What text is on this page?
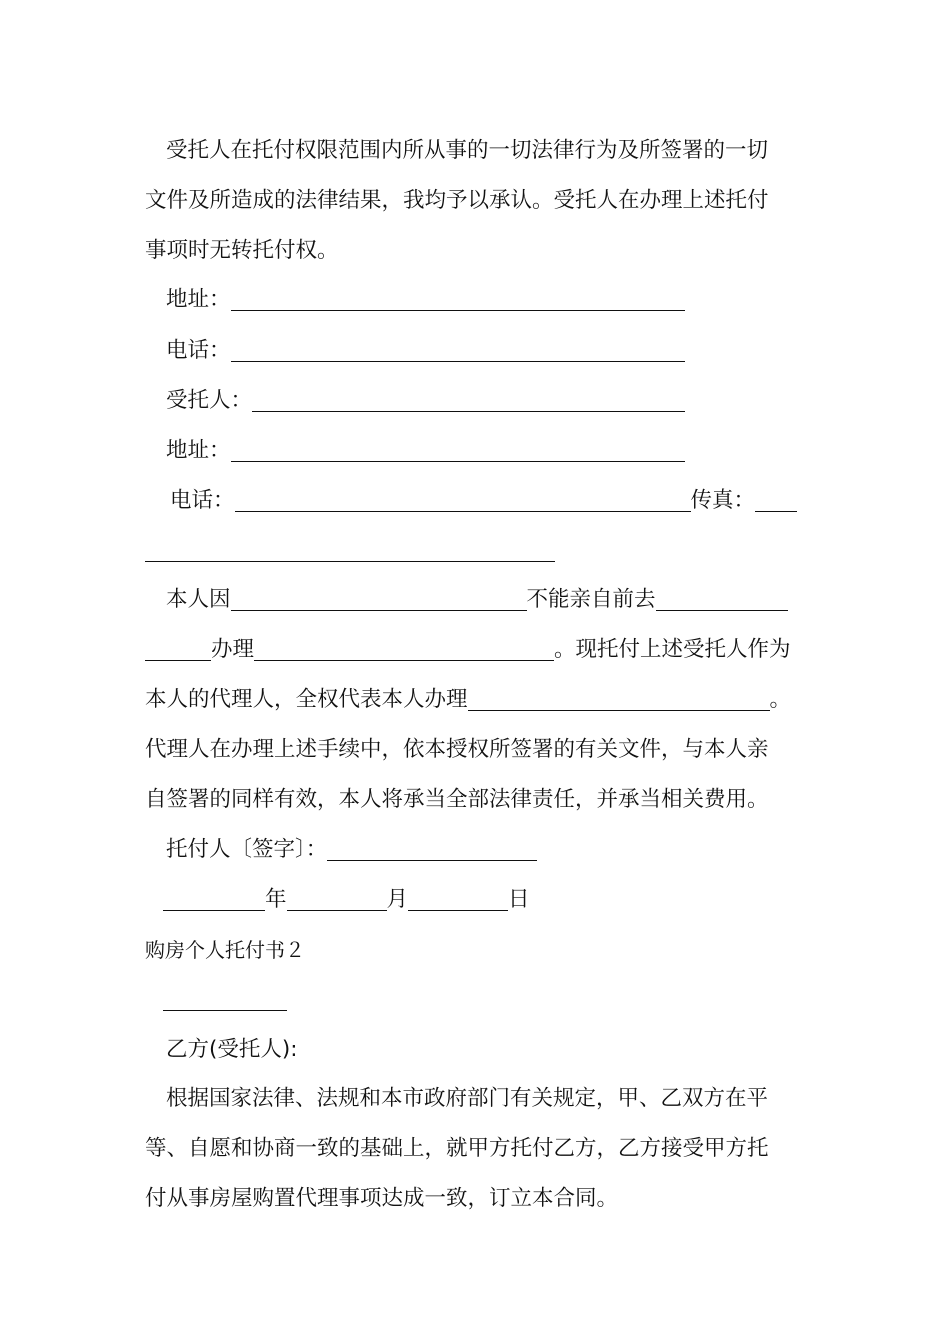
受托人在托付权限范围内所从事的一切法律行为及所签署的一切
文件及所造成的法律结果，我均予以承认。受托人在办理上述托付
事项时无转托付权。
地址：
电话：
受托人：
地址：
电话：	传真：
本人因	不能亲自前去
办理	。现托付上述受托人作为
本人的代理人，全权代表本人办理	。
代理人在办理上述手续中，依本授权所签署的有关文件，与本人亲
自签署的同样有效，本人将承当全部法律责任，并承当相关费用。
托付人〔签字〕：
年	月	日
购房个人托付书２
乙方(受托人):
根据国家法律、法规和本市政府部门有关规定，甲、乙双方在平
等、自愿和协商一致的基础上，就甲方托付乙方，乙方接受甲方托
付从事房屋购置代理事项达成一致，订立本合同。
